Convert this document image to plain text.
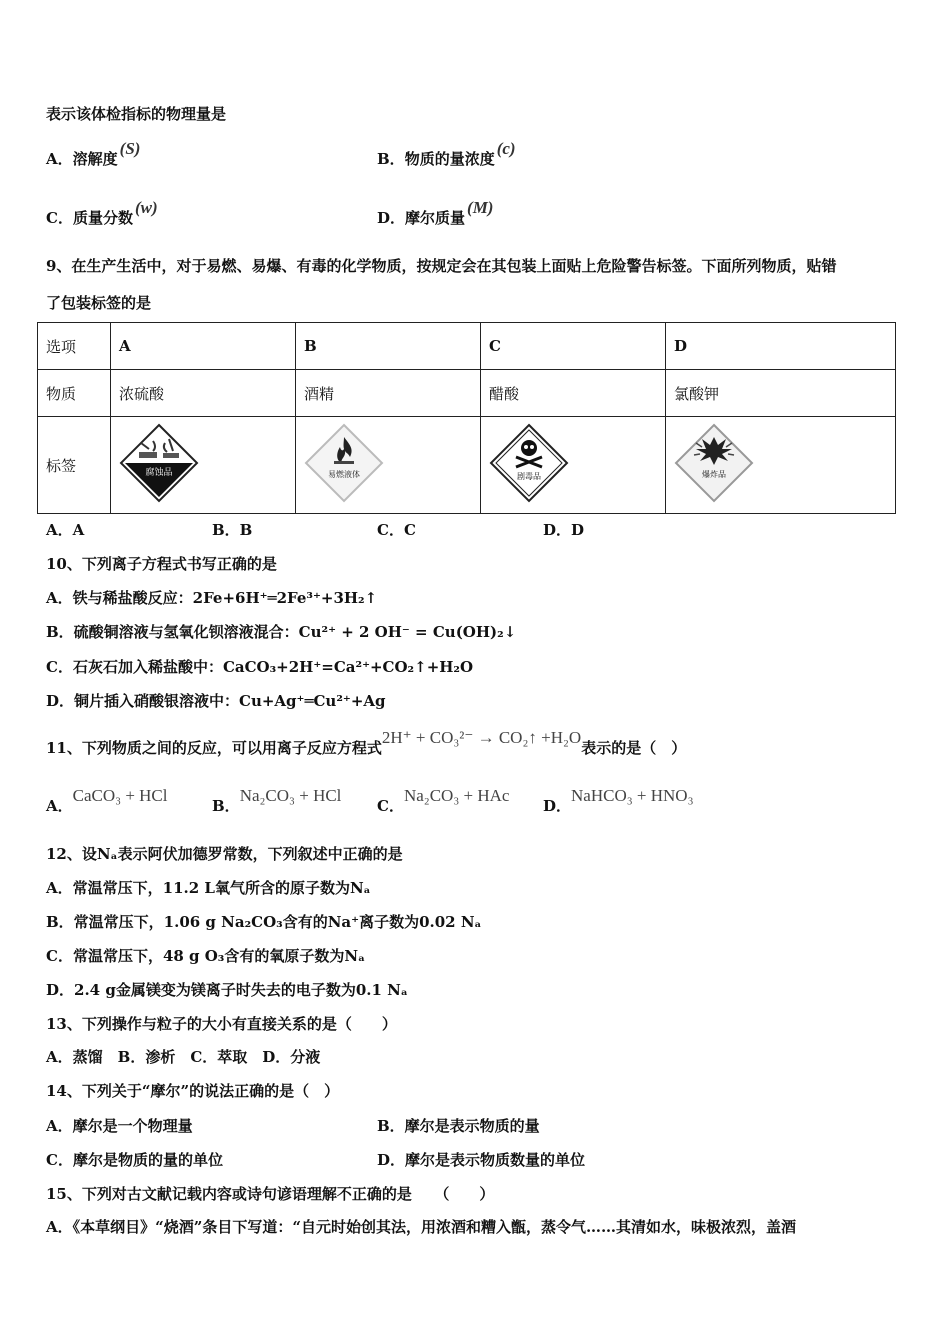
表示该体检指标的物理量是
A．溶解度(S)
B．物质的量浓度(c)
C．质量分数(w)
D．摩尔质量(M)
9、在生产生活中，对于易燃、易爆、有毒的化学物质，按规定会在其包装上面贴上危险警告标签。下面所列物质，贴错
了包装标签的是
选项	A	B	C	D
物质	浓硫酸	酒精	醋酸	氯酸钾
标签	腐蚀品	易燃液体	剧毒品	爆炸品
A．A	B．B	C．C	D．D
10、下列离子方程式书写正确的是
A．铁与稀盐酸反应：2Fe+6H⁺═2Fe³⁺+3H₂↑
B．硫酸铜溶液与氢氧化钡溶液混合：Cu²⁺ + 2 OH⁻ = Cu(OH)₂↓
C．石灰石加入稀盐酸中：CaCO₃+2H⁺=Ca²⁺+CO₂↑+H₂O
D．铜片插入硝酸银溶液中：Cu+Ag⁺═Cu²⁺+Ag
11、下列物质之间的反应，可以用离子反应方程式2H⁺ + CO₃²⁻ → CO₂↑ +H₂O表示的是（　）
A．CaCO₃ + HCl
B．Na₂CO₃ + HCl
C．Na₂CO₃ + HAc
D．NaHCO₃ + HNO₃
12、设Nₐ表示阿伏加德罗常数，下列叙述中正确的是
A．常温常压下，11.2 L氧气所含的原子数为Nₐ
B．常温常压下，1.06 g Na₂CO₃含有的Na⁺离子数为0.02 Nₐ
C．常温常压下，48 g O₃含有的氧原子数为Nₐ
D．2.4 g金属镁变为镁离子时失去的电子数为0.1 Nₐ
13、下列操作与粒子的大小有直接关系的是（　　）
A．蒸馏　B．渗析　C．萃取　D．分液
14、下列关于“摩尔”的说法正确的是（　）
A．摩尔是一个物理量	B．摩尔是表示物质的量
C．摩尔是物质的量的单位	D．摩尔是表示物质数量的单位
15、下列对古文献记载内容或诗句谚语理解不正确的是　　（　　）
A．《本草纲目》“烧酒”条目下写道：“自元时始创其法，用浓酒和糟入甑，蒸令气……其清如水，味极浓烈，盖酒
